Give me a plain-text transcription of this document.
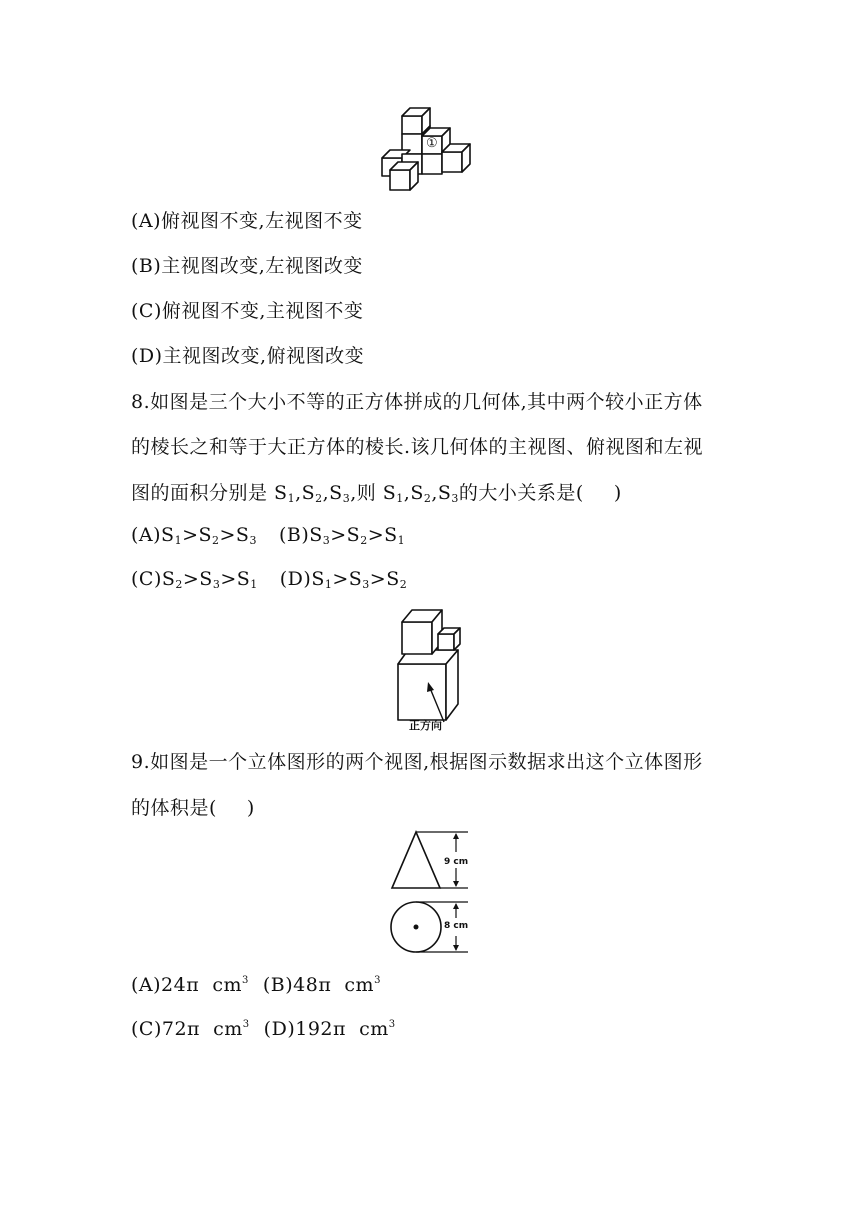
①
(A)俯视图不变,左视图不变
(B)主视图改变,左视图改变
(C)俯视图不变,主视图不变
(D)主视图改变,俯视图改变
8.如图是三个大小不等的正方体拼成的几何体,其中两个较小正方体
的棱长之和等于大正方体的棱长.该几何体的主视图、俯视图和左视
图的面积分别是 $S_1,S_2,S_3$,则 $S_1,S_2,S_3$的大小关系是( )
$(A)S_1>S_2>S_3$ $(B)S_3>S_2>S_1$
$(C)S_2>S_3>S_1$ $(D)S_1>S_3>S_2$
正方向
9.如图是一个立体图形的两个视图,根据图示数据求出这个立体图形
的体积是( )
9 cm
8 cm
(A)24π $cm^3$ (B)48π $cm^3$
(C)72π $cm^3$ (D)192π $cm^3$
